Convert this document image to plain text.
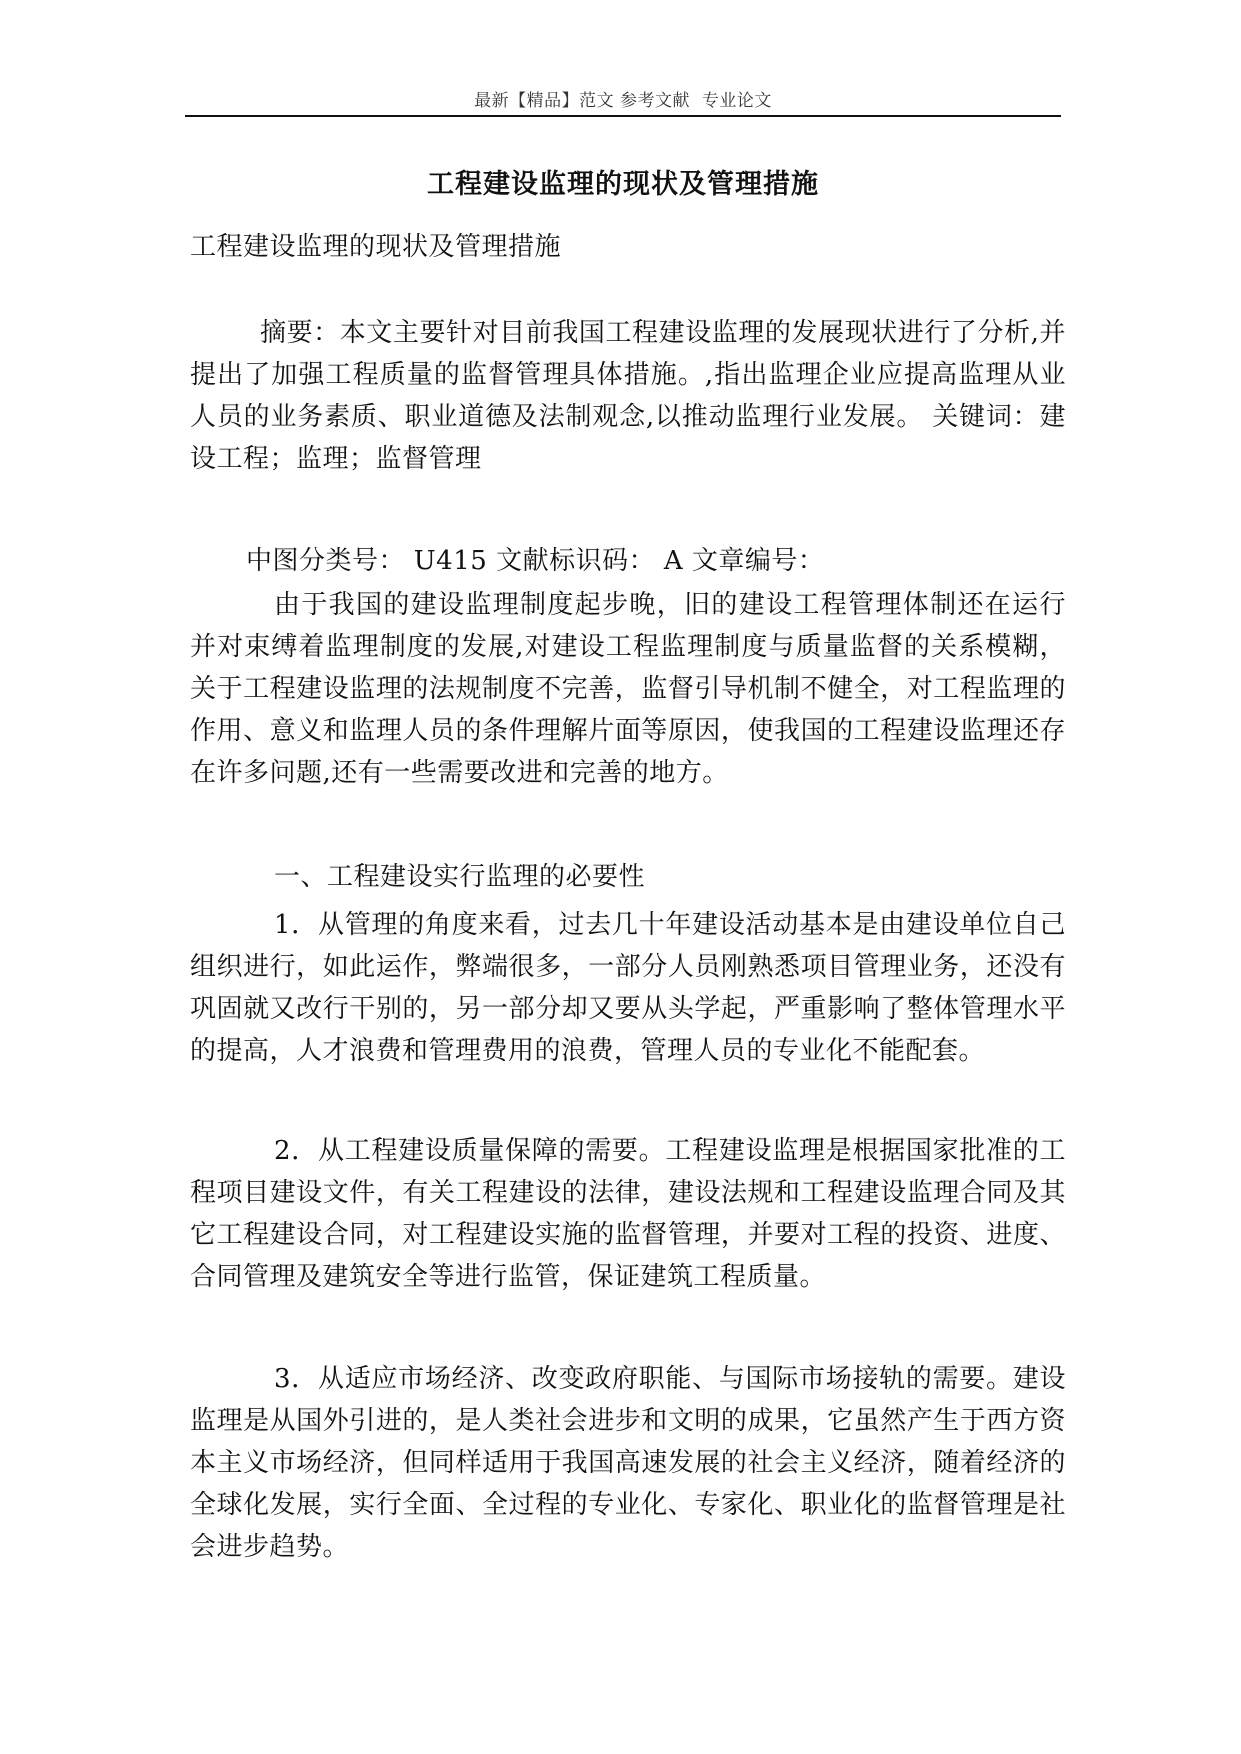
最新【精品】范文 参考文献  专业论文
工程建设监理的现状及管理措施

工程建设监理的现状及管理措施

摘要：本文主要针对目前我国工程建设监理的发展现状进行了分析,并提出了加强工程质量的监督管理具体措施。,指出监理企业应提高监理从业人员的业务素质、职业道德及法制观念,以推动监理行业发展。 关键词：建设工程；监理；监督管理

中图分类号： U415 文献标识码： A 文章编号：

由于我国的建设监理制度起步晚，旧的建设工程管理体制还在运行并对束缚着监理制度的发展,对建设工程监理制度与质量监督的关系模糊，关于工程建设监理的法规制度不完善，监督引导机制不健全，对工程监理的作用、意义和监理人员的条件理解片面等原因，使我国的工程建设监理还存在许多问题,还有一些需要改进和完善的地方。

一、工程建设实行监理的必要性

1．从管理的角度来看，过去几十年建设活动基本是由建设单位自己组织进行，如此运作，弊端很多，一部分人员刚熟悉项目管理业务，还没有巩固就又改行干别的，另一部分却又要从头学起，严重影响了整体管理水平的提高，人才浪费和管理费用的浪费，管理人员的专业化不能配套。

2．从工程建设质量保障的需要。工程建设监理是根据国家批准的工程项目建设文件，有关工程建设的法律，建设法规和工程建设监理合同及其它工程建设合同，对工程建设实施的监督管理，并要对工程的投资、进度、合同管理及建筑安全等进行监管，保证建筑工程质量。

3．从适应市场经济、改变政府职能、与国际市场接轨的需要。建设监理是从国外引进的，是人类社会进步和文明的成果，它虽然产生于西方资本主义市场经济，但同样适用于我国高速发展的社会主义经济，随着经济的全球化发展，实行全面、全过程的专业化、专家化、职业化的监督管理是社会进步趋势。
